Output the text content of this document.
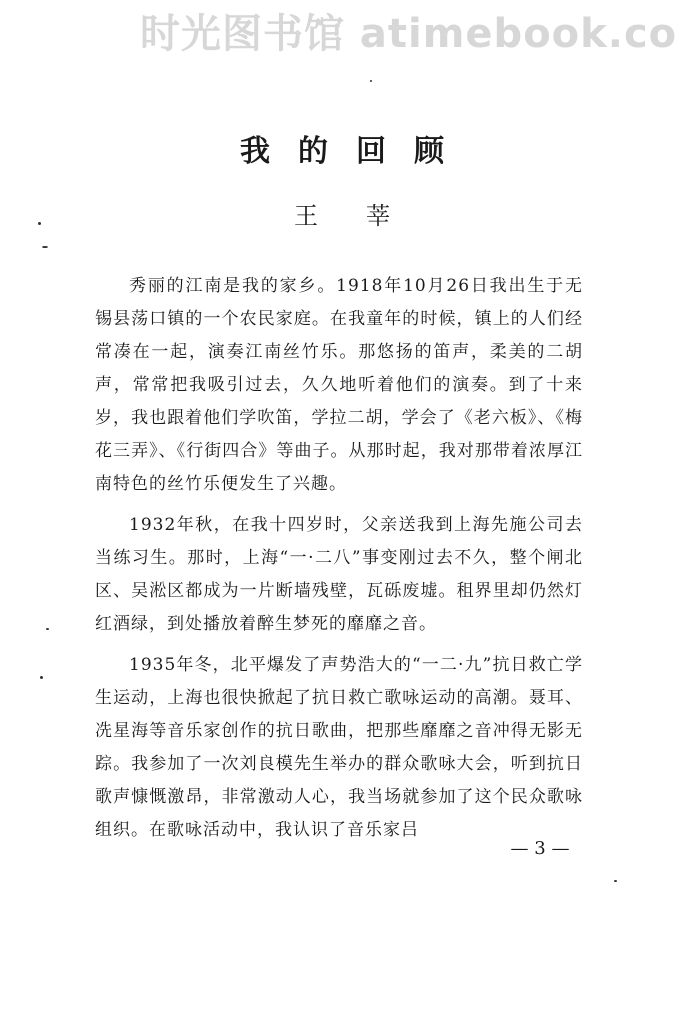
时光图书馆 atimebook.co
我的回顾
王莘

秀丽的江南是我的家乡。1918年10月26日我出生于无锡县荡口镇的一个农民家庭。在我童年的时候，镇上的人们经常凑在一起，演奏江南丝竹乐。那悠扬的笛声，柔美的二胡声，常常把我吸引过去，久久地听着他们的演奏。到了十来岁，我也跟着他们学吹笛，学拉二胡，学会了《老六板》、《梅花三弄》、《行街四合》等曲子。从那时起，我对那带着浓厚江南特色的丝竹乐便发生了兴趣。

1932年秋，在我十四岁时，父亲送我到上海先施公司去当练习生。那时，上海“一·二八”事变刚过去不久，整个闸北区、吴淞区都成为一片断墙残壁，瓦砾废墟。租界里却仍然灯红酒绿，到处播放着醉生梦死的靡靡之音。

1935年冬，北平爆发了声势浩大的“一二·九”抗日救亡学生运动，上海也很快掀起了抗日救亡歌咏运动的高潮。聂耳、冼星海等音乐家创作的抗日歌曲，把那些靡靡之音冲得无影无踪。我参加了一次刘良模先生举办的群众歌咏大会，听到抗日歌声慷慨激昂，非常激动人心，我当场就参加了这个民众歌咏组织。在歌咏活动中，我认识了音乐家吕

— 3 —
